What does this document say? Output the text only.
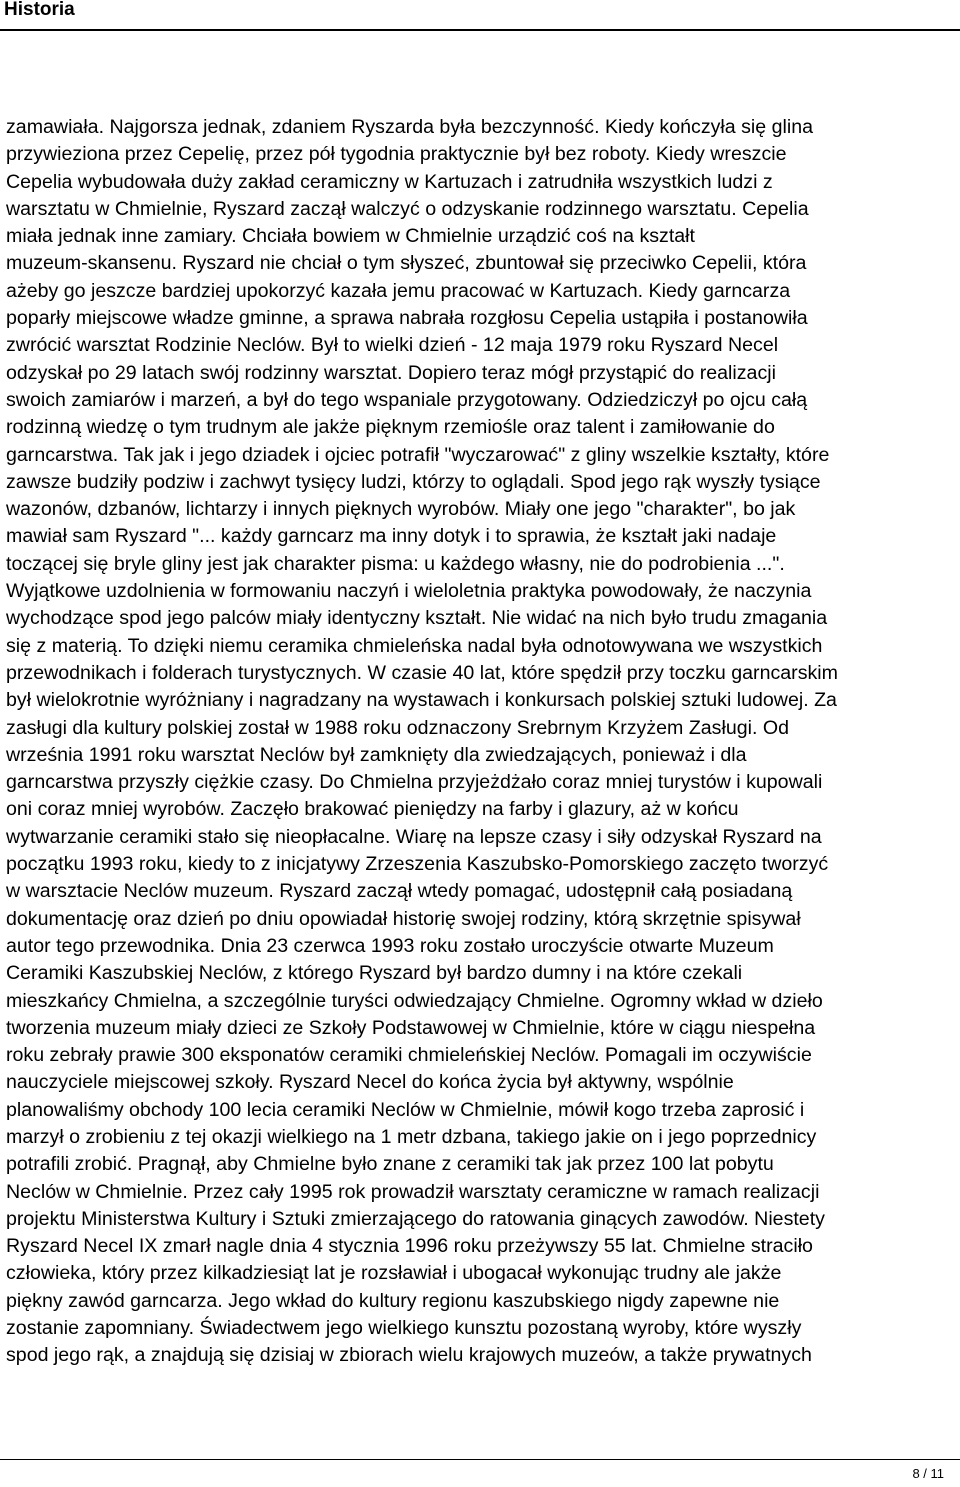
Historia
zamawiała. Najgorsza jednak, zdaniem Ryszarda była bezczynność. Kiedy kończyła się glina
przywieziona przez Cepelię, przez pół tygodnia praktycznie był bez roboty. Kiedy wreszcie
Cepelia wybudowała duży zakład ceramiczny w Kartuzach i zatrudniła wszystkich ludzi z
warsztatu w Chmielnie, Ryszard zaczął walczyć o odzyskanie rodzinnego warsztatu. Cepelia
miała jednak inne zamiary. Chciała bowiem w Chmielnie urządzić coś na kształt
muzeum-skansenu. Ryszard nie chciał o tym słyszeć, zbuntował się przeciwko Cepelii, która
ażeby go jeszcze bardziej upokorzyć kazała jemu pracować w Kartuzach. Kiedy garncarza
poparły miejscowe władze gminne, a sprawa nabrała rozgłosu Cepelia ustąpiła i postanowiła
zwrócić warsztat Rodzinie Neclów. Był to wielki dzień - 12 maja 1979 roku Ryszard Necel
odzyskał po 29 latach swój rodzinny warsztat. Dopiero teraz mógł przystąpić do realizacji
swoich zamiarów i marzeń, a był do tego wspaniale przygotowany. Odziedziczył po ojcu całą
rodzinną wiedzę o tym trudnym ale jakże pięknym rzemiośle oraz talent i zamiłowanie do
garncarstwa. Tak jak i jego dziadek i ojciec potrafił "wyczarować" z gliny wszelkie kształty, które
zawsze budziły podziw i zachwyt tysięcy ludzi, którzy to oglądali. Spod jego rąk wyszły tysiące
wazonów, dzbanów, lichtarzy i innych pięknych wyrobów. Miały one jego "charakter", bo jak
mawiał sam Ryszard "... każdy garncarz ma inny dotyk i to sprawia, że kształt jaki nadaje
toczącej się bryle gliny jest jak charakter pisma: u każdego własny, nie do podrobienia ...".
Wyjątkowe uzdolnienia w formowaniu naczyń i wieloletnia praktyka powodowały, że naczynia
wychodzące spod jego palców miały identyczny kształt. Nie widać na nich było trudu zmagania
się z materią. To dzięki niemu ceramika chmieleńska nadal była odnotowywana we wszystkich
przewodnikach i folderach turystycznych. W czasie 40 lat, które spędził przy toczku garncarskim
był wielokrotnie wyróżniany i nagradzany na wystawach i konkursach polskiej sztuki ludowej. Za
zasługi dla kultury polskiej został w 1988 roku odznaczony Srebrnym Krzyżem Zasługi. Od
września 1991 roku warsztat Neclów był zamknięty dla zwiedzających, ponieważ i dla
garncarstwa przyszły ciężkie czasy. Do Chmielna przyjeżdżało coraz mniej turystów i kupowali
oni coraz mniej wyrobów. Zaczęło brakować pieniędzy na farby i glazury, aż w końcu
wytwarzanie ceramiki stało się nieopłacalne. Wiarę na lepsze czasy i siły odzyskał Ryszard na
początku 1993 roku, kiedy to z inicjatywy Zrzeszenia Kaszubsko-Pomorskiego zaczęto tworzyć
w warsztacie Neclów muzeum. Ryszard zaczął wtedy pomagać, udostępnił całą posiadaną
dokumentację oraz dzień po dniu opowiadał historię swojej rodziny, którą skrzętnie spisywał
autor tego przewodnika. Dnia 23 czerwca 1993 roku zostało uroczyście otwarte Muzeum
Ceramiki Kaszubskiej Neclów, z którego Ryszard był bardzo dumny i na które czekali
mieszkańcy Chmielna, a szczególnie turyści odwiedzający Chmielne. Ogromny wkład w dzieło
tworzenia muzeum miały dzieci ze Szkoły Podstawowej w Chmielnie, które w ciągu niespełna
roku zebrały prawie 300 eksponatów ceramiki chmieleńskiej Neclów. Pomagali im oczywiście
nauczyciele miejscowej szkoły. Ryszard Necel do końca życia był aktywny, wspólnie
planowaliśmy obchody 100 lecia ceramiki Neclów w Chmielnie, mówił kogo trzeba zaprosić i
marzył o zrobieniu z tej okazji wielkiego na 1 metr dzbana, takiego jakie on i jego poprzednicy
potrafili zrobić. Pragnął, aby Chmielne było znane z ceramiki tak jak przez 100 lat pobytu
Neclów w Chmielnie. Przez cały 1995 rok prowadził warsztaty ceramiczne w ramach realizacji
projektu Ministerstwa Kultury i Sztuki zmierzającego do ratowania ginących zawodów. Niestety
Ryszard Necel IX zmarł nagle dnia 4 stycznia 1996 roku przeżywszy 55 lat. Chmielne straciło
człowieka, który przez kilkadziesiąt lat je rozsławiał i ubogacał wykonując trudny ale jakże
piękny zawód garncarza. Jego wkład do kultury regionu kaszubskiego nigdy zapewne nie
zostanie zapomniany. Świadectwem jego wielkiego kunsztu pozostaną wyroby, które wyszły
spod jego rąk, a znajdują się dzisiaj w zbiorach wielu krajowych muzeów, a także prywatnych
8 / 11
